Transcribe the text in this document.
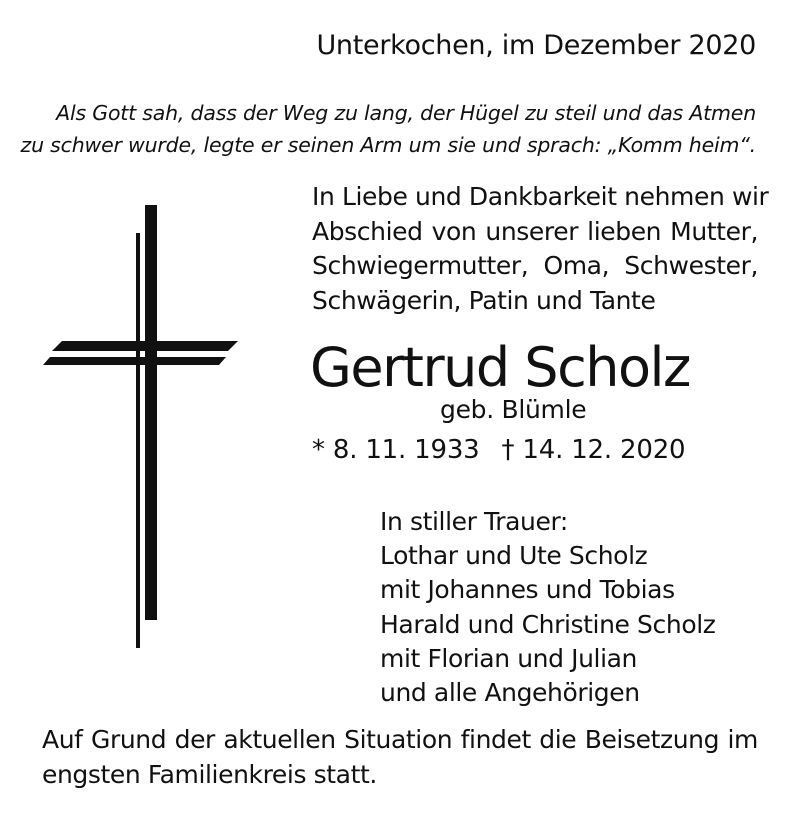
Unterkochen, im Dezember 2020
Als Gott sah, dass der Weg zu lang, der Hügel zu steil und das Atmen
zu schwer wurde, legte er seinen Arm um sie und sprach: „Komm heim“.
In Liebe und Dankbarkeit nehmen wir
Abschied von unserer lieben Mutter,
Schwiegermutter, Oma, Schwester,
Schwägerin, Patin und Tante
Gertrud Scholz
geb. Blümle
* 8. 11. 1933 † 14. 12. 2020
In stiller Trauer:
Lothar und Ute Scholz
mit Johannes und Tobias
Harald und Christine Scholz
mit Florian und Julian
und alle Angehörigen
Auf Grund der aktuellen Situation findet die Beisetzung im
engsten Familienkreis statt.
